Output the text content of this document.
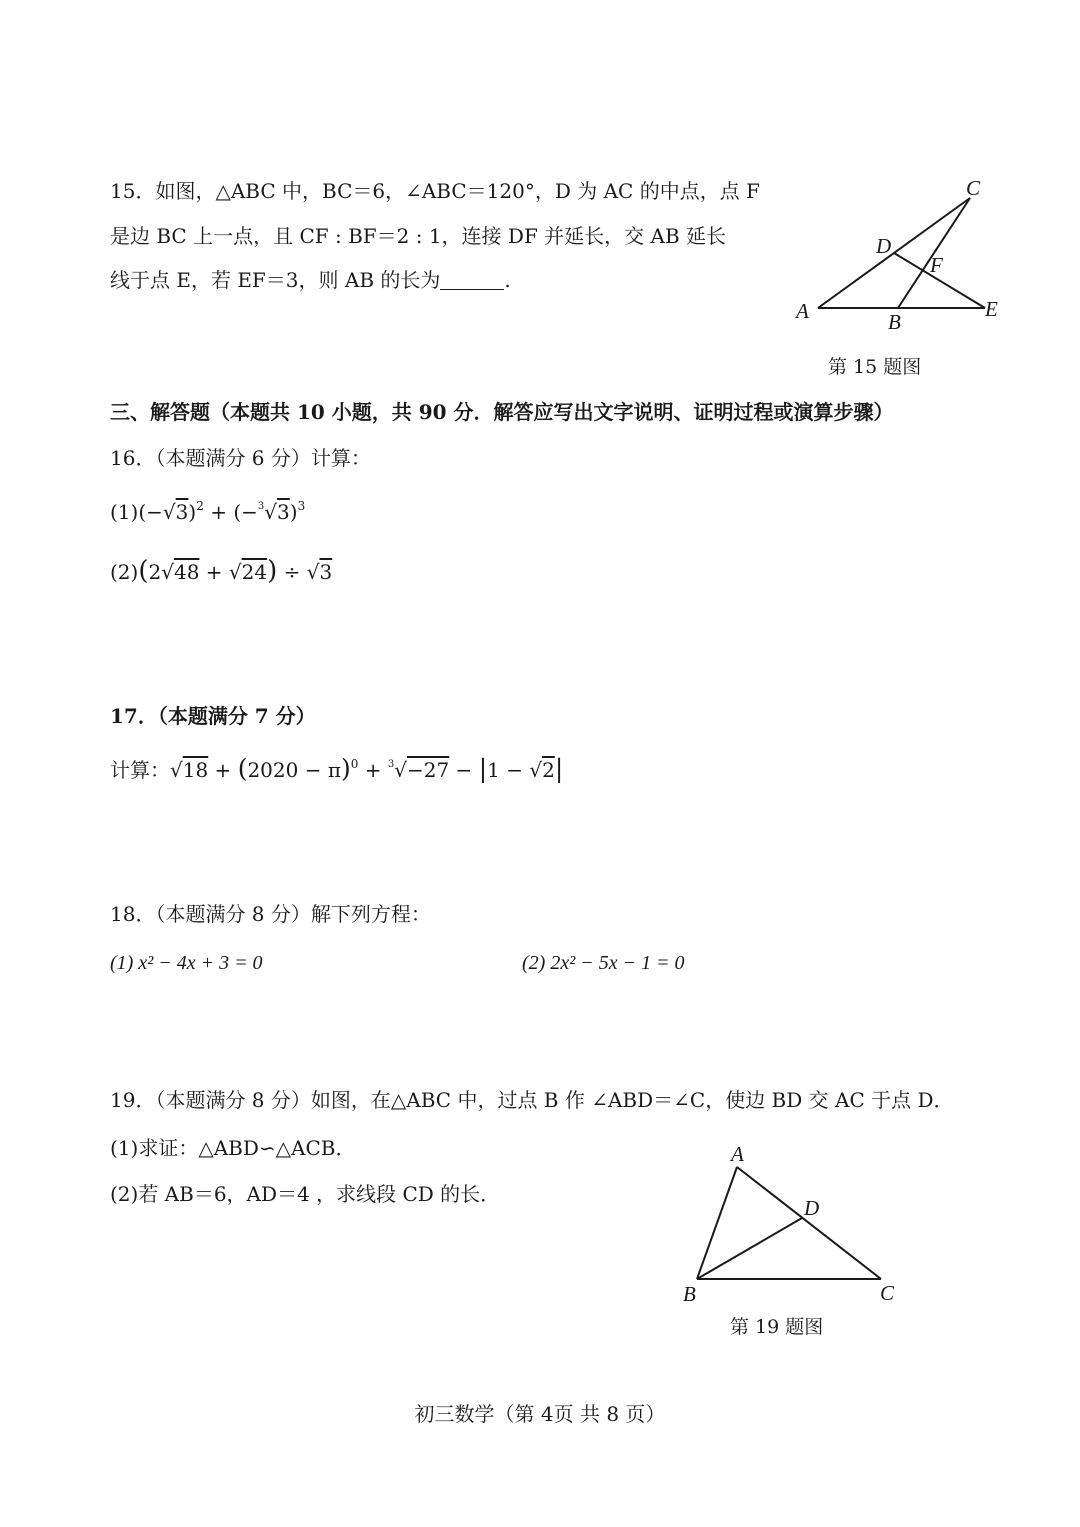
15．如图，△ABC 中，BC＝6，∠ABC＝120°，D 为 AC 的中点，点 F
是边 BC 上一点，且 CF : BF＝2 : 1，连接 DF 并延长，交 AB 延长
线于点 E，若 EF＝3，则 AB 的长为	.
C
D
F
A	B
E
第 15 题图
三、解答题（本题共 10 小题，共 90 分．解答应写出文字说明、证明过程或演算步骤）
16．（本题满分 6 分）计算：
$(1)(-√3)^2 + (-^3√3)^3$
(2)(2√48 + √24) ÷ √3
17．（本题满分 7 分）
计算：$√18 + (2020 - \pi)^0 + ^3√-27 - |1 - √2|$
18．（本题满分 8 分）解下列方程：
(1) x² − 4x + 3 = 0	(2) 2x² − 5x − 1 = 0
19．（本题满分 8 分）如图，在△ABC 中，过点 B 作 ∠ABD＝∠C，使边 BD 交 AC 于点 D．
(1)求证：△ABD∽△ACB．
(2)若 AB＝6，AD＝4 ，求线段 CD 的长．
A
D
B	C
第 19 题图
初三数学（第 4页 共 8 页）
